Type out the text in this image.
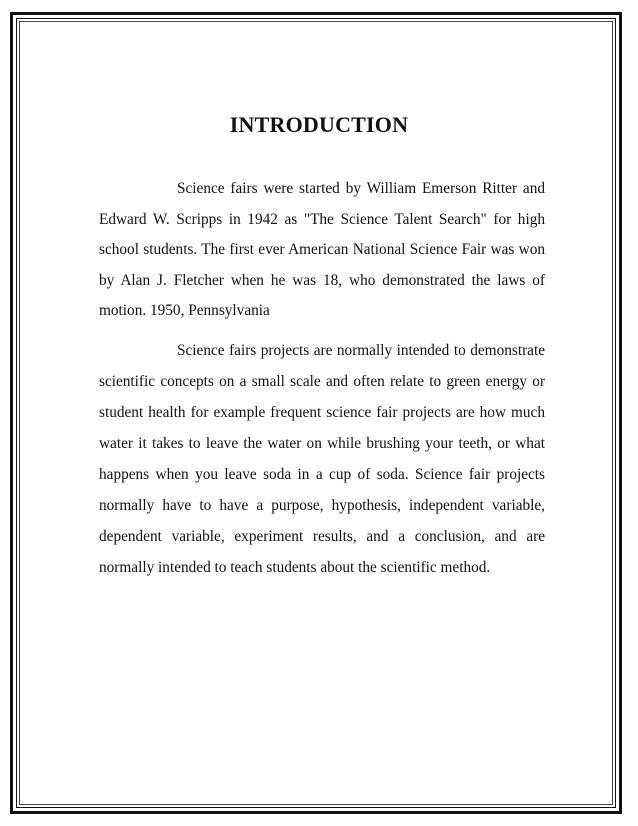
INTRODUCTION

Science fairs were started by William Emerson Ritter and Edward W. Scripps in 1942 as "The Science Talent Search" for high school students. The first ever American National Science Fair was won by Alan J. Fletcher when he was 18, who demonstrated the laws of motion. 1950, Pennsylvania

Science fairs projects are normally intended to demonstrate scientific concepts on a small scale and often relate to green energy or student health for example frequent science fair projects are how much water it takes to leave the water on while brushing your teeth, or what happens when you leave soda in a cup of soda. Science fair projects normally have to have a purpose, hypothesis, independent variable, dependent variable, experiment results, and a conclusion, and are normally intended to teach students about the scientific method.
